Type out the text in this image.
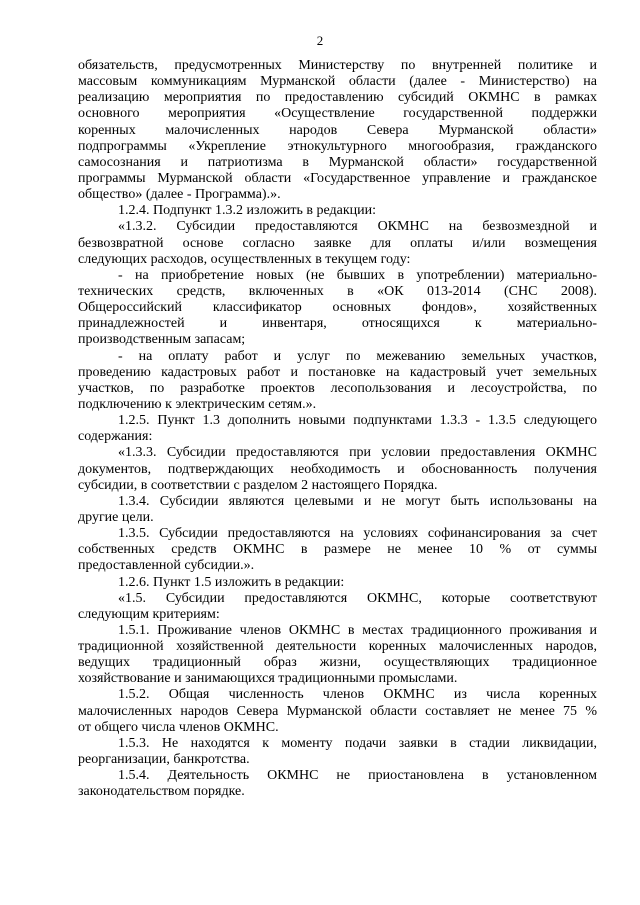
2
обязательств, предусмотренных Министерству по внутренней политике и
массовым коммуникациям Мурманской области (далее - Министерство) на
реализацию мероприятия по предоставлению субсидий ОКМНС в рамках
основного мероприятия «Осуществление государственной поддержки
коренных малочисленных народов Севера Мурманской области»
подпрограммы «Укрепление этнокультурного многообразия, гражданского
самосознания и патриотизма в Мурманской области» государственной
программы Мурманской области «Государственное управление и гражданское
общество» (далее - Программа).».
1.2.4. Подпункт 1.3.2 изложить в редакции:
«1.3.2. Субсидии предоставляются ОКМНС на безвозмездной и
безвозвратной основе согласно заявке для оплаты и/или возмещения
следующих расходов, осуществленных в текущем году:
- на приобретение новых (не бывших в употреблении) материально-
технических средств, включенных в «ОК 013-2014 (СНС 2008).
Общероссийский классификатор основных фондов», хозяйственных
принадлежностей и инвентаря, относящихся к материально-
производственным запасам;
- на оплату работ и услуг по межеванию земельных участков,
проведению кадастровых работ и постановке на кадастровый учет земельных
участков, по разработке проектов лесопользования и лесоустройства, по
подключению к электрическим сетям.».
1.2.5. Пункт 1.3 дополнить новыми подпунктами 1.3.3 - 1.3.5 следующего
содержания:
«1.3.3. Субсидии предоставляются при условии предоставления ОКМНС
документов, подтверждающих необходимость и обоснованность получения
субсидии, в соответствии с разделом 2 настоящего Порядка.
1.3.4. Субсидии являются целевыми и не могут быть использованы на
другие цели.
1.3.5. Субсидии предоставляются на условиях софинансирования за счет
собственных средств ОКМНС в размере не менее 10 % от суммы
предоставленной субсидии.».
1.2.6. Пункт 1.5 изложить в редакции:
«1.5. Субсидии предоставляются ОКМНС, которые соответствуют
следующим критериям:
1.5.1. Проживание членов ОКМНС в местах традиционного проживания и
традиционной хозяйственной деятельности коренных малочисленных народов,
ведущих традиционный образ жизни, осуществляющих традиционное
хозяйствование и занимающихся традиционными промыслами.
1.5.2. Общая численность членов ОКМНС из числа коренных
малочисленных народов Севера Мурманской области составляет не менее 75 %
от общего числа членов ОКМНС.
1.5.3. Не находятся к моменту подачи заявки в стадии ликвидации,
реорганизации, банкротства.
1.5.4. Деятельность ОКМНС не приостановлена в установленном
законодательством порядке.
